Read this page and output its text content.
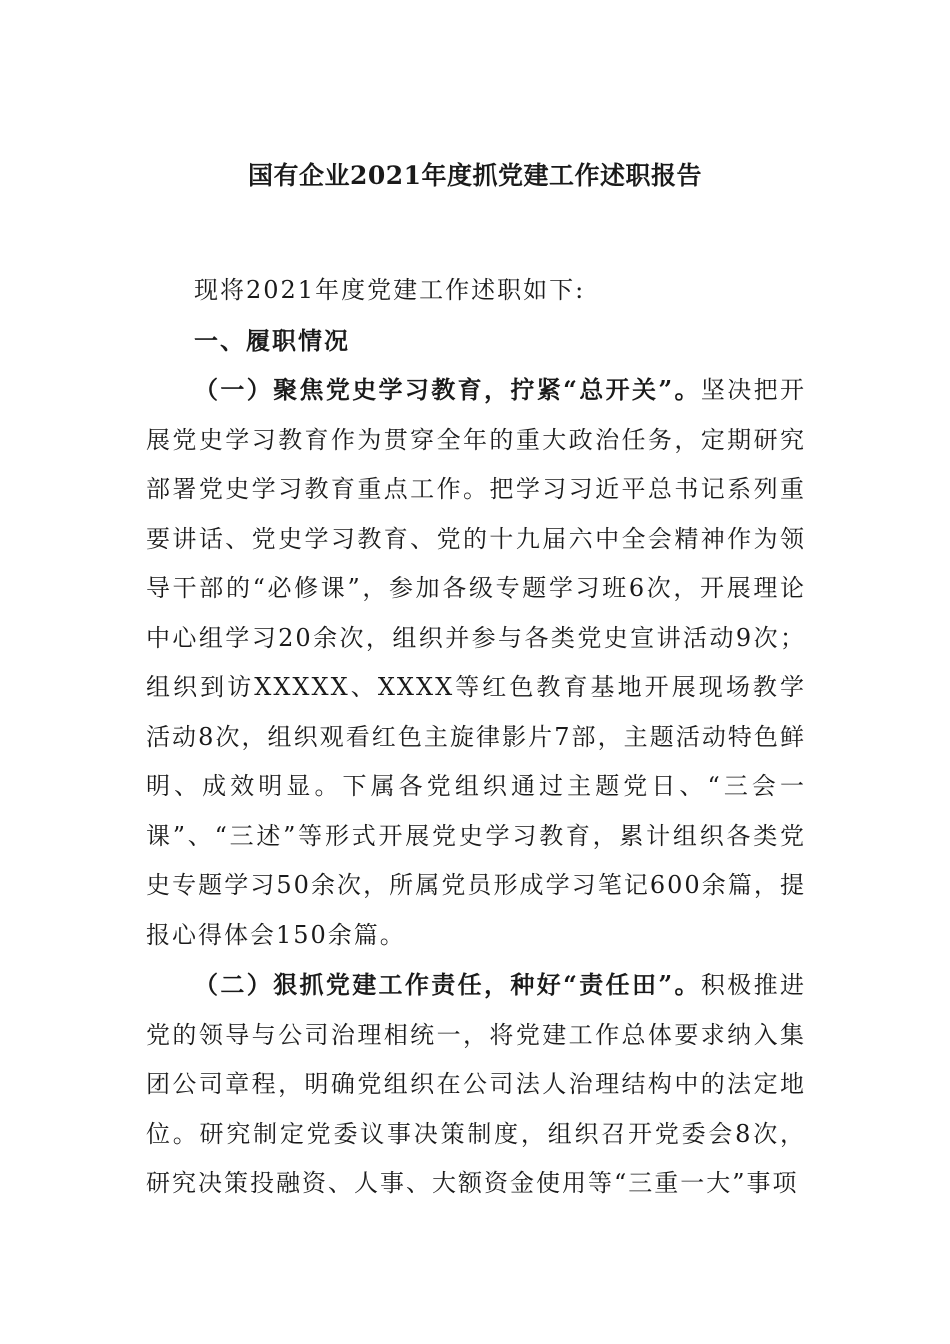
国有企业2021年度抓党建工作述职报告

现将2021年度党建工作述职如下:

一、履职情况

（一）聚焦党史学习教育，拧紧“总开关”。坚决把开展党史学习教育作为贯穿全年的重大政治任务，定期研究部署党史学习教育重点工作。把学习习近平总书记系列重要讲话、党史学习教育、党的十九届六中全会精神作为领导干部的“必修课”，参加各级专题学习班6次，开展理论中心组学习20余次，组织并参与各类党史宣讲活动9次；组织到访XXXXX、XXXX等红色教育基地开展现场教学活动8次，组织观看红色主旋律影片7部，主题活动特色鲜明、成效明显。下属各党组织通过主题党日、“三会一课”、“三述”等形式开展党史学习教育，累计组织各类党史专题学习50余次，所属党员形成学习笔记600余篇，提报心得体会150余篇。

（二）狠抓党建工作责任，种好“责任田”。积极推进党的领导与公司治理相统一，将党建工作总体要求纳入集团公司章程，明确党组织在公司法人治理结构中的法定地位。研究制定党委议事决策制度，组织召开党委会8次，研究决策投融资、人事、大额资金使用等“三重一大”事项
